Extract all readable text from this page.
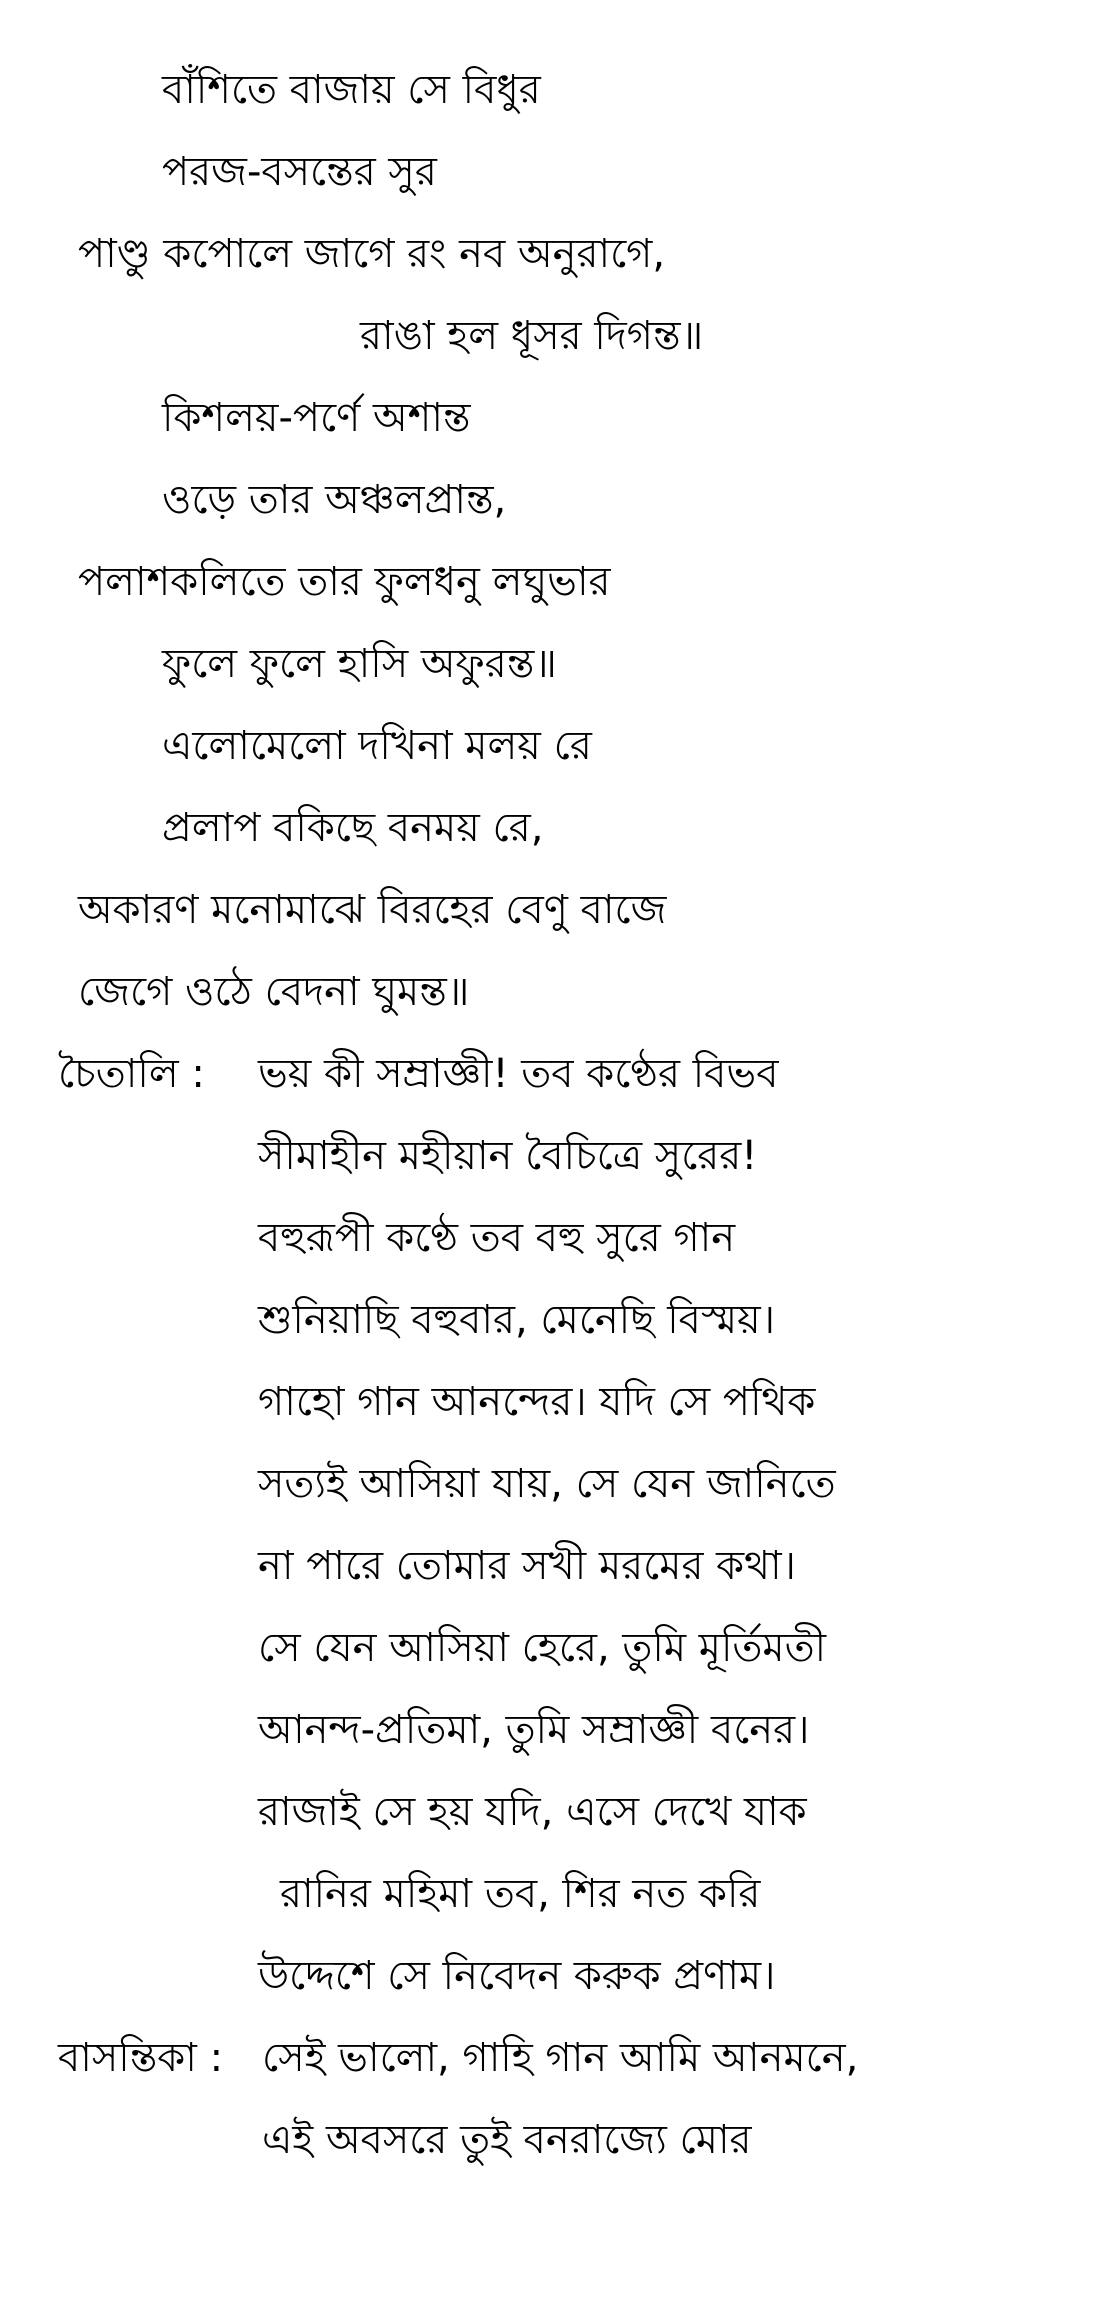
বাঁশিতে বাজায় সে বিধুর
পরজ-বসন্তের সুর
পাণ্ডু কপোলে জাগে রং নব অনুরাগে,
রাঙা হল ধূসর দিগন্ত॥
কিশলয়-পর্ণে অশান্ত
ওড়ে তার অঞ্চলপ্রান্ত,
পলাশকলিতে তার ফুলধনু লঘুভার
ফুলে ফুলে হাসি অফুরন্ত॥
এলোমেলো দখিনা মলয় রে
প্রলাপ বকিছে বনময় রে,
অকারণ মনোমাঝে বিরহের বেণু বাজে
জেগে ওঠে বেদনা ঘুমন্ত॥
চৈতালি : ভয় কী সম্রাজ্ঞী! তব কণ্ঠের বিভব
সীমাহীন মহীয়ান বৈচিত্রে সুরের!
বহুরূপী কণ্ঠে তব বহু সুরে গান
শুনিয়াছি বহুবার, মেনেছি বিস্ময়।
গাহো গান আনন্দের। যদি সে পথিক
সত্যই আসিয়া যায়, সে যেন জানিতে
না পারে তোমার সখী মরমের কথা।
সে যেন আসিয়া হেরে, তুমি মূর্তিমতী
আনন্দ-প্রতিমা, তুমি সম্রাজ্ঞী বনের।
রাজাই সে হয় যদি, এসে দেখে যাক
রানির মহিমা তব, শির নত করি
উদ্দেশে সে নিবেদন করুক প্রণাম।
বাসন্তিকা : সেই ভালো, গাহি গান আমি আনমনে,
এই অবসরে তুই বনরাজ্যে মোর
